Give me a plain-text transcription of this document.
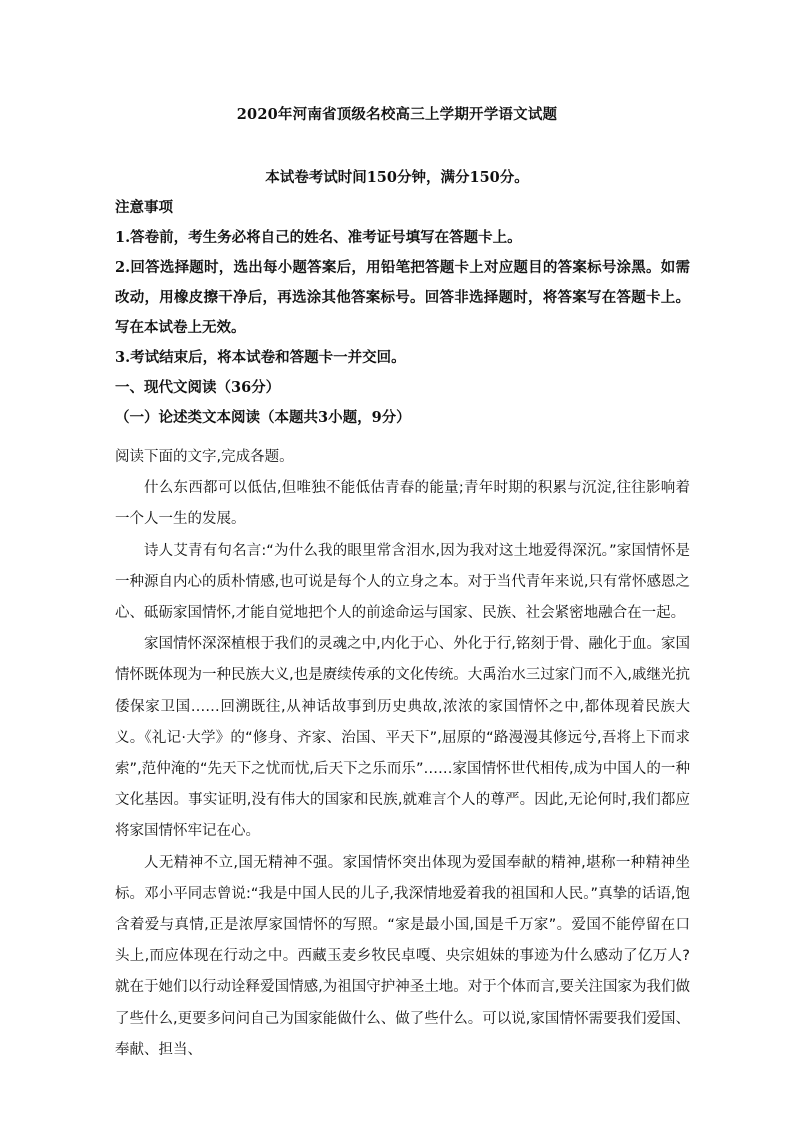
2020年河南省顶级名校高三上学期开学语文试题
本试卷考试时间150分钟，满分150分。
注意事项
1.答卷前，考生务必将自己的姓名、准考证号填写在答题卡上。
2.回答选择题时，选出每小题答案后，用铅笔把答题卡上对应题目的答案标号涂黑。如需改动，用橡皮擦干净后，再选涂其他答案标号。回答非选择题时，将答案写在答题卡上。写在本试卷上无效。
3.考试结束后，将本试卷和答题卡一并交回。
一、现代文阅读（36分）
（一）论述类文本阅读（本题共3小题，9分）

阅读下面的文字,完成各题。

什么东西都可以低估,但唯独不能低估青春的能量;青年时期的积累与沉淀,往往影响着一个人一生的发展。

诗人艾青有句名言:“为什么我的眼里常含泪水,因为我对这土地爱得深沉。”家国情怀是一种源自内心的质朴情感,也可说是每个人的立身之本。对于当代青年来说,只有常怀感恩之心、砥砺家国情怀,才能自觉地把个人的前途命运与国家、民族、社会紧密地融合在一起。

家国情怀深深植根于我们的灵魂之中,内化于心、外化于行,铭刻于骨、融化于血。家国情怀既体现为一种民族大义,也是赓续传承的文化传统。大禹治水三过家门而不入,戚继光抗倭保家卫国……回溯既往,从神话故事到历史典故,浓浓的家国情怀之中,都体现着民族大义。《礼记·大学》的“修身、齐家、治国、平天下”,屈原的“路漫漫其修远兮,吾将上下而求索”,范仲淹的“先天下之忧而忧,后天下之乐而乐”……家国情怀世代相传,成为中国人的一种文化基因。事实证明,没有伟大的国家和民族,就难言个人的尊严。因此,无论何时,我们都应将家国情怀牢记在心。

人无精神不立,国无精神不强。家国情怀突出体现为爱国奉献的精神,堪称一种精神坐标。邓小平同志曾说:“我是中国人民的儿子,我深情地爱着我的祖国和人民。”真挚的话语,饱含着爱与真情,正是浓厚家国情怀的写照。“家是最小国,国是千万家”。爱国不能停留在口头上,而应体现在行动之中。西藏玉麦乡牧民卓嘎、央宗姐妹的事迹为什么感动了亿万人?就在于她们以行动诠释爱国情感,为祖国守护神圣土地。对于个体而言,要关注国家为我们做了些什么,更要多问问自己为国家能做什么、做了些什么。可以说,家国情怀需要我们爱国、奉献、担当、
